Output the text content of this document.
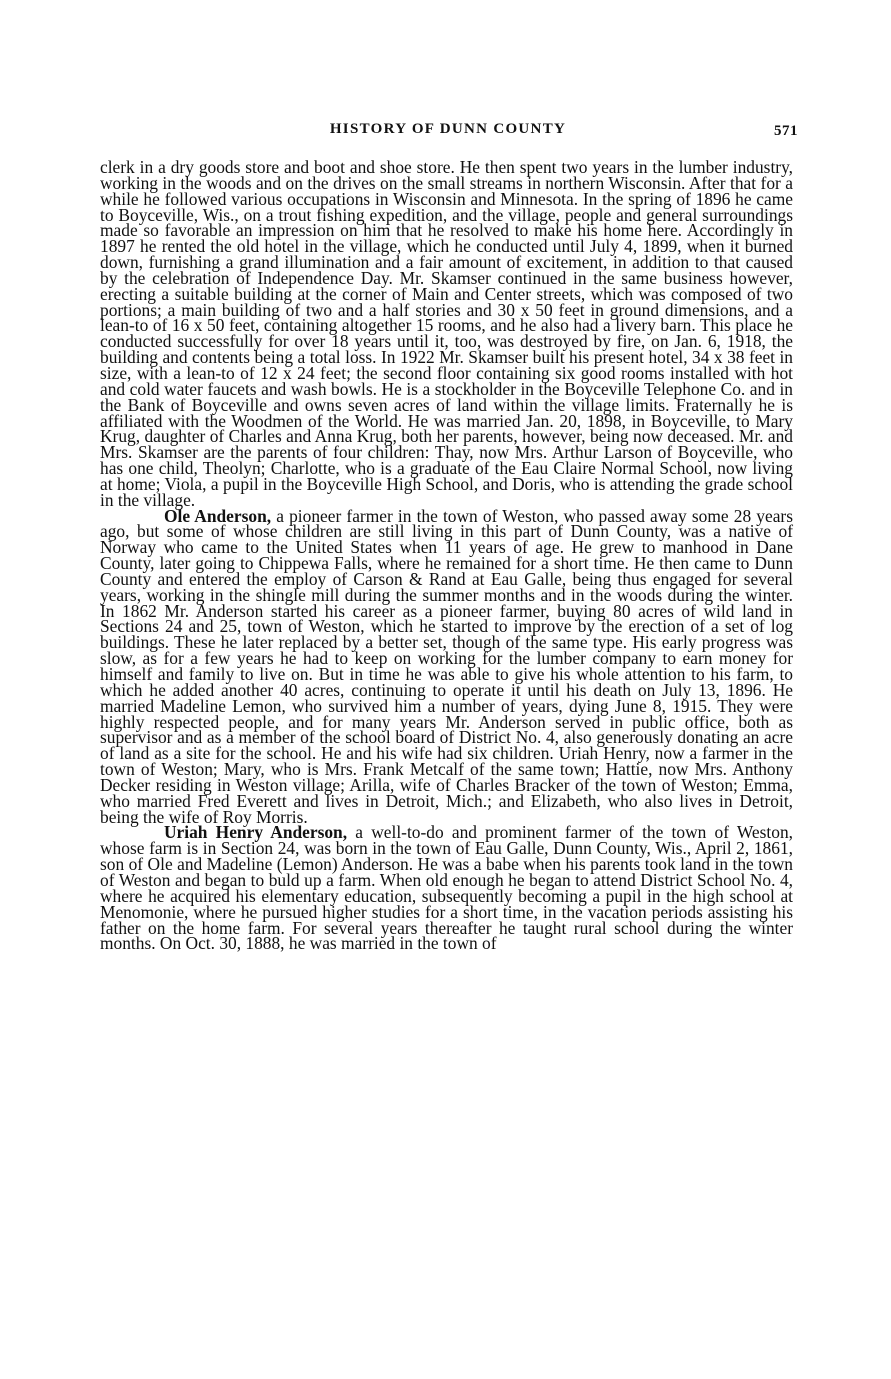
HISTORY OF DUNN COUNTY	571

clerk in a dry goods store and boot and shoe store. He then spent two years in the lumber industry, working in the woods and on the drives on the small streams in northern Wisconsin. After that for a while he followed various occupations in Wisconsin and Minnesota. In the spring of 1896 he came to Boyceville, Wis., on a trout fishing expedition, and the village, people and general surroundings made so favorable an impression on him that he resolved to make his home here. Accordingly in 1897 he rented the old hotel in the village, which he conducted until July 4, 1899, when it burned down, furnishing a grand illumination and a fair amount of excitement, in addition to that caused by the celebration of Independence Day. Mr. Skamser continued in the same business however, erecting a suitable building at the corner of Main and Center streets, which was composed of two portions; a main building of two and a half stories and 30 x 50 feet in ground dimensions, and a lean-to of 16 x 50 feet, containing altogether 15 rooms, and he also had a livery barn. This place he conducted successfully for over 18 years until it, too, was destroyed by fire, on Jan. 6, 1918, the building and contents being a total loss. In 1922 Mr. Skamser built his present hotel, 34 x 38 feet in size, with a lean-to of 12 x 24 feet; the second floor containing six good rooms installed with hot and cold water faucets and wash bowls. He is a stockholder in the Boyceville Telephone Co. and in the Bank of Boyceville and owns seven acres of land within the village limits. Fraternally he is affiliated with the Woodmen of the World. He was married Jan. 20, 1898, in Boyceville, to Mary Krug, daughter of Charles and Anna Krug, both her parents, however, being now deceased. Mr. and Mrs. Skamser are the parents of four children: Thay, now Mrs. Arthur Larson of Boyceville, who has one child, Theolyn; Charlotte, who is a graduate of the Eau Claire Normal School, now living at home; Viola, a pupil in the Boyceville High School, and Doris, who is attending the grade school in the village.

Ole Anderson, a pioneer farmer in the town of Weston, who passed away some 28 years ago, but some of whose children are still living in this part of Dunn County, was a native of Norway who came to the United States when 11 years of age. He grew to manhood in Dane County, later going to Chippewa Falls, where he remained for a short time. He then came to Dunn County and entered the employ of Carson & Rand at Eau Galle, being thus engaged for several years, working in the shingle mill during the summer months and in the woods during the winter. In 1862 Mr. Anderson started his career as a pioneer farmer, buying 80 acres of wild land in Sections 24 and 25, town of Weston, which he started to improve by the erection of a set of log buildings. These he later replaced by a better set, though of the same type. His early progress was slow, as for a few years he had to keep on working for the lumber company to earn money for himself and family to live on. But in time he was able to give his whole attention to his farm, to which he added another 40 acres, continuing to operate it until his death on July 13, 1896. He married Madeline Lemon, who survived him a number of years, dying June 8, 1915. They were highly respected people, and for many years Mr. Anderson served in public office, both as supervisor and as a member of the school board of District No. 4, also generously donating an acre of land as a site for the school. He and his wife had six children. Uriah Henry, now a farmer in the town of Weston; Mary, who is Mrs. Frank Metcalf of the same town; Hattie, now Mrs. Anthony Decker residing in Weston village; Arilla, wife of Charles Bracker of the town of Weston; Emma, who married Fred Everett and lives in Detroit, Mich.; and Elizabeth, who also lives in Detroit, being the wife of Roy Morris.

Uriah Henry Anderson, a well-to-do and prominent farmer of the town of Weston, whose farm is in Section 24, was born in the town of Eau Galle, Dunn County, Wis., April 2, 1861, son of Ole and Madeline (Lemon) Anderson. He was a babe when his parents took land in the town of Weston and began to buld up a farm. When old enough he began to attend District School No. 4, where he acquired his elementary education, subsequently becoming a pupil in the high school at Menomonie, where he pursued higher studies for a short time, in the vacation periods assisting his father on the home farm. For several years thereafter he taught rural school during the winter months. On Oct. 30, 1888, he was married in the town of
